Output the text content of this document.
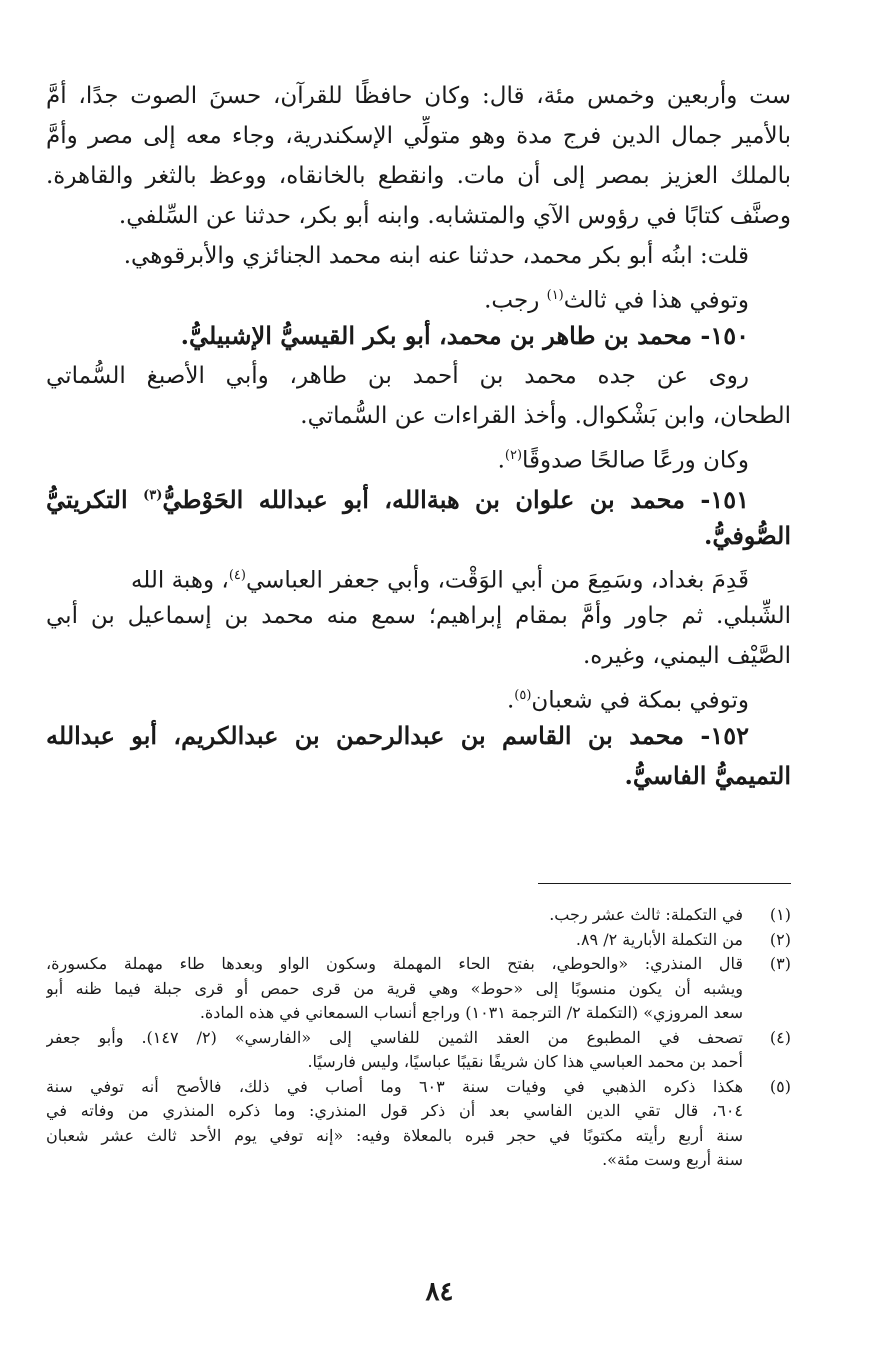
ست وأربعين وخمس مئة، قال: وكان حافظًا للقرآن، حسنَ الصوت جدًا، أمَّ
بالأمير جمال الدين فرج مدة وهو متولِّي الإسكندرية، وجاء معه إلى مصر وأمَّ
بالملك العزيز بمصر إلى أن مات. وانقطع بالخانقاه، ووعظ بالثغر والقاهرة.
وصنَّف كتابًا في رؤوس الآي والمتشابه. وابنه أبو بكر، حدثنا عن السِّلفي.
قلت: ابنُه أبو بكر محمد، حدثنا عنه ابنه محمد الجنائزي والأبرقوهي.
وتوفي هذا في ثالث$^{(١)}$ رجب.
١٥٠- محمد بن طاهر بن محمد، أبو بكر القيسيُّ الإشبيليُّ.
روى عن جده محمد بن أحمد بن طاهر، وأبي الأصبغ السُّماتي
الطحان، وابن بَشْكوال. وأخذ القراءات عن السُّماتي.
وكان ورعًا صالحًا صدوقًا$^{(٢)}$.
١٥١- محمد بن علوان بن هبةالله، أبو عبدالله الحَوْطيُّ$^{(٣)}$ التكريتيُّ
الصُّوفيُّ.
قَدِمَ بغداد، وسَمِعَ من أبي الوَقْت، وأبي جعفر العباسي$^{(٤)}$، وهبة الله
الشِّبلي. ثم جاور وأمَّ بمقام إبراهيم؛ سمع منه محمد بن إسماعيل بن أبي
الصَّيْف اليمني، وغيره.
وتوفي بمكة في شعبان$^{(٥)}$.
١٥٢- محمد بن القاسم بن عبدالرحمن بن عبدالكريم، أبو عبدالله
التميميُّ الفاسيُّ.
(١)
في التكملة: ثالث عشر رجب.
(٢)
من التكملة الأبارية ٢/ ٨٩.
(٣)
قال المنذري: «والحوطي، بفتح الحاء المهملة وسكون الواو وبعدها طاء مهملة مكسورة،
ويشبه أن يكون منسوبًا إلى «حوط» وهي قرية من قرى حمص أو قرى جبلة فيما ظنه أبو
سعد المروزي» (التكملة ٢/ الترجمة ١٠٣١) وراجع أنساب السمعاني في هذه المادة.
(٤)
تصحف في المطبوع من العقد الثمين للفاسي إلى «الفارسي» (٢/ ١٤٧). وأبو جعفر
أحمد بن محمد العباسي هذا كان شريفًا نقيبًا عباسيًا، وليس فارسيًا.
(٥)
هكذا ذكره الذهبي في وفيات سنة ٦٠٣ وما أصاب في ذلك، فالأصح أنه توفي سنة
٦٠٤، قال تقي الدين الفاسي بعد أن ذكر قول المنذري: وما ذكره المنذري من وفاته في
سنة أربع رأيته مكتوبًا في حجر قبره بالمعلاة وفيه: «إنه توفي يوم الأحد ثالث عشر شعبان
سنة أربع وست مئة».
٨٤
